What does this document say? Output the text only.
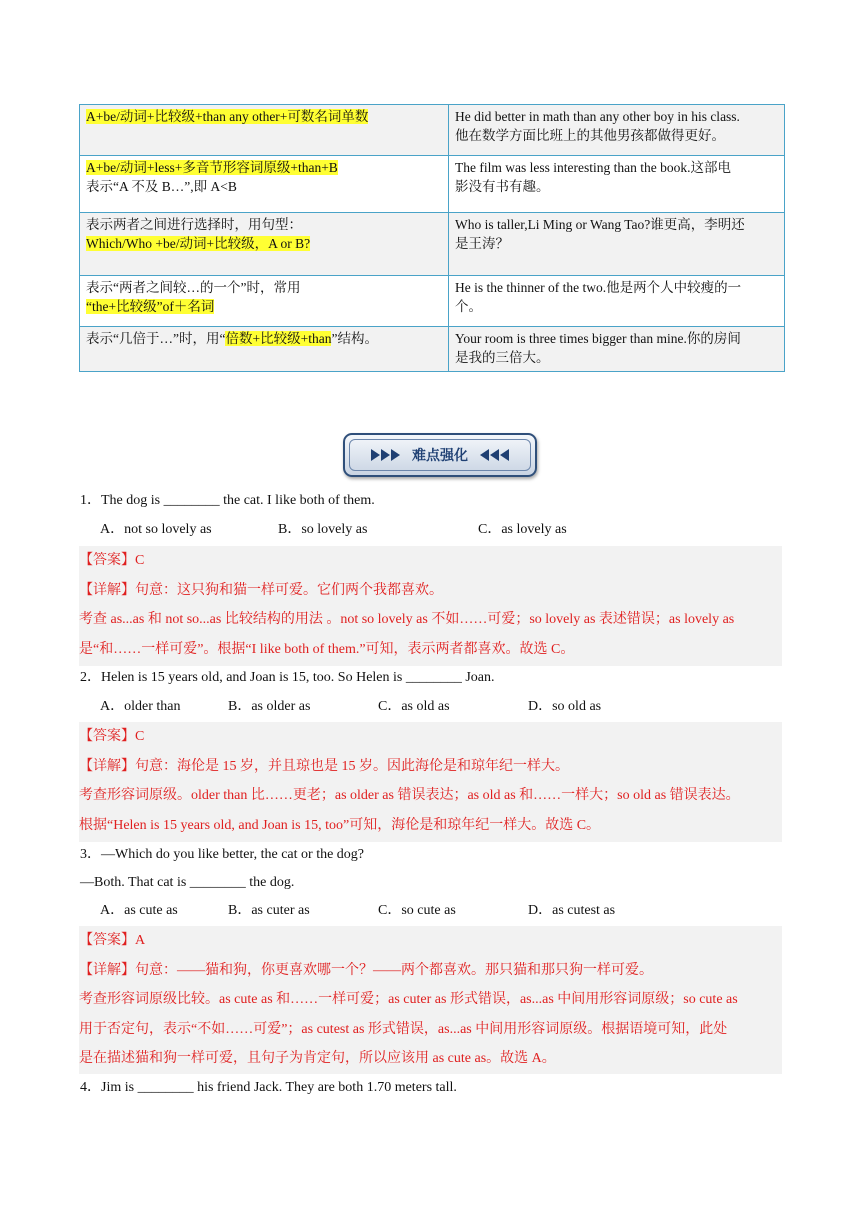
A+be/动词+比较级+than any other+可数名词单数	He did better in math than any other boy in his class.
他在数学方面比班上的其他男孩都做得更好。

A+be/动词+less+多音节形容词原级+than+B
表示“A 不及 B…”,即 A<B	The film was less interesting than the book.这部电
影没有书有趣。

表示两者之间进行选择时，用句型：
Which/Who +be/动词+比较级，A or B?	Who is taller,Li Ming or Wang Tao?谁更高，李明还
是王涛？

表示“两者之间较…的一个”时，常用
“the+比较级”of＋名词	He is the thinner of the two.他是两个人中较瘦的一
个。

表示“几倍于…”时，用“倍数+比较级+than”结构。	Your room is three times bigger than mine.你的房间
是我的三倍大。
难点强化
1．The dog is ________ the cat. I like both of them.
A．not so lovely as	B．so lovely as	C．as lovely as
【答案】C
【详解】句意：这只狗和猫一样可爱。它们两个我都喜欢。
考查 as...as 和 not so...as 比较结构的用法 。not so lovely as 不如……可爱；so lovely as 表述错误；as lovely as
是“和……一样可爱”。根据“I like both of them.”可知，表示两者都喜欢。故选 C。
2．Helen is 15 years old, and Joan is 15, too. So Helen is ________ Joan.
A．older than	B．as older as	C．as old as	D．so old as
【答案】C
【详解】句意：海伦是 15 岁，并且琼也是 15 岁。因此海伦是和琼年纪一样大。
考查形容词原级。older than 比……更老；as older as 错误表达；as old as 和……一样大；so old as 错误表达。
根据“Helen is 15 years old, and Joan is 15, too”可知，海伦是和琼年纪一样大。故选 C。
3．—Which do you like better, the cat or the dog?
—Both. That cat is ________ the dog.
A．as cute as	B．as cuter as	C．so cute as	D．as cutest as
【答案】A
【详解】句意：——猫和狗，你更喜欢哪一个？——两个都喜欢。那只猫和那只狗一样可爱。
考查形容词原级比较。as cute as 和……一样可爱；as cuter as 形式错误，as...as 中间用形容词原级；so cute as
用于否定句，表示“不如……可爱”；as cutest as 形式错误，as...as 中间用形容词原级。根据语境可知，此处
是在描述猫和狗一样可爱，且句子为肯定句，所以应该用 as cute as。故选 A。
4．Jim is ________ his friend Jack. They are both 1.70 meters tall.
